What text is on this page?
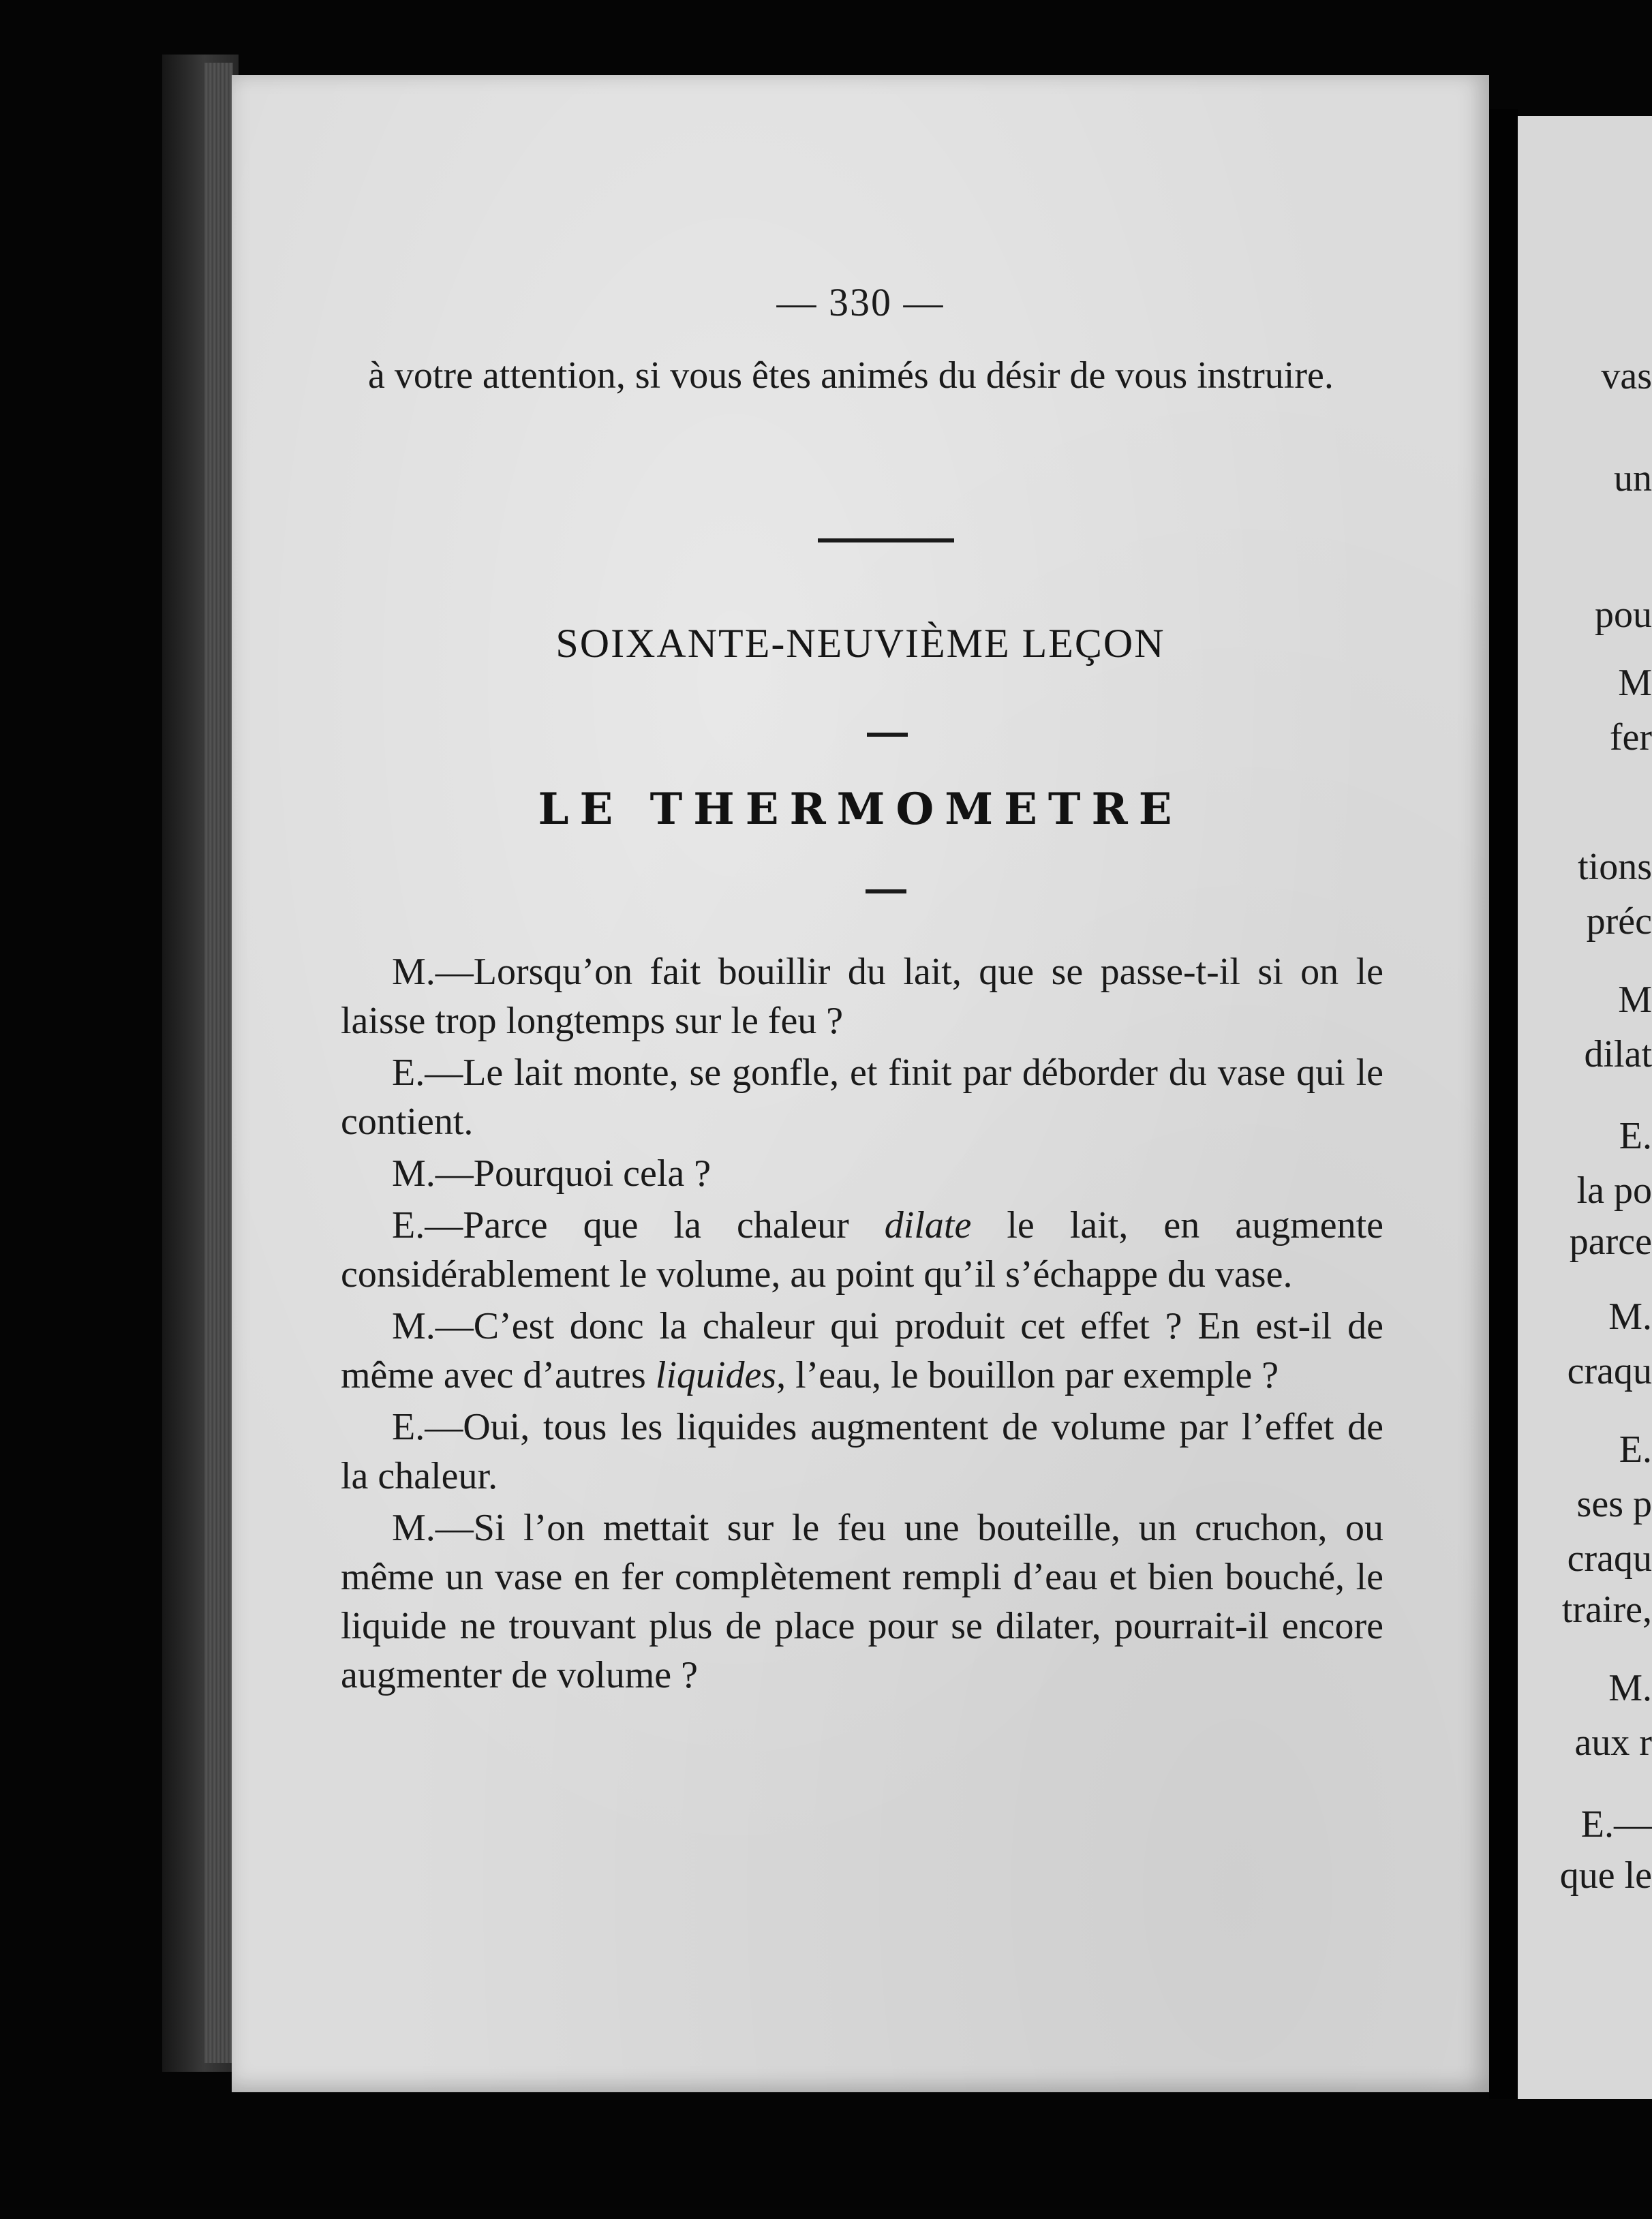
— 330 —
à votre attention, si vous êtes animés du désir de vous instruire.
SOIXANTE-NEUVIÈME LEÇON
LE THERMOMETRE

M.—Lorsqu’on fait bouillir du lait, que se passe-t-il si on le laisse trop longtemps sur le feu ?

E.—Le lait monte, se gonfle, et finit par déborder du vase qui le contient.

M.—Pourquoi cela ?

E.—Parce que la chaleur dilate le lait, en augmente considérablement le volume, au point qu’il s’échappe du vase.

M.—C’est donc la chaleur qui produit cet effet ? En est-il de même avec d’autres liquides, l’eau, le bouillon par exemple ?

E.—Oui, tous les liquides augmentent de volume par l’effet de la chaleur.

M.—Si l’on mettait sur le feu une bouteille, un cruchon, ou même un vase en fer complètement rempli d’eau et bien bouché, le liquide ne trouvant plus de place pour se dilater, pourrait-il encore augmenter de volume ?

vas
un
pou
M
fer
tions
préc
M
dilat
E.
la po
parce
M.
craqu
E.
ses p
craqu
traire,
M.
aux r
E.—
que le
